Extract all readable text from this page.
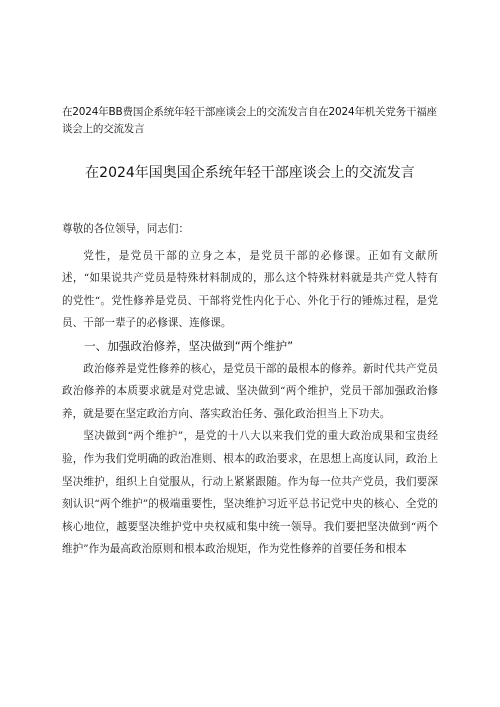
在2024年BB费国企系统年轻干部座谈会上的交流发言自在2024年机关党务干福座谈会上的交流发言
在2024年国奥国企系统年轻干部座谈会上的交流发言

尊敬的各位领导，同志们：

党性，是党员干部的立身之本，是党员干部的必修课。正如有文献所述，“如果说共产党员是特殊材料制成的，那么这个特殊材料就是共产党人特有的党性“。党性修养是党员、干部将党性内化于心、外化于行的锤炼过程，是党员、干部一辈子的必修课、连修课。

一、加强政治修养，坚决做到“两个维护”

政治修养是党性修养的核心，是党员干部的最根本的修养。新时代共产党员政治修养的本质要求就是对党忠诚、坚决做到“两个维护，党员干部加强政治修养，就是要在坚定政治方向、落实政治任务、强化政治担当上下功夫。

坚决做到“两个维护”，是党的十八大以来我们党的重大政治成果和宝贵经验，作为我们党明确的政治准则、根本的政治要求，在思想上高度认同，政治上坚决维护，组织上自觉服从，行动上紧紧跟随。作为每一位共产党员，我们要深刻认识“两个维护”的极端重要性，坚决维护习近平总书记党中央的核心、全党的核心地位，越要坚决维护党中央权威和集中统一领导。我们要把坚决做到“两个维护”作为最高政治原则和根本政治规矩，作为党性修养的首要任务和根本
